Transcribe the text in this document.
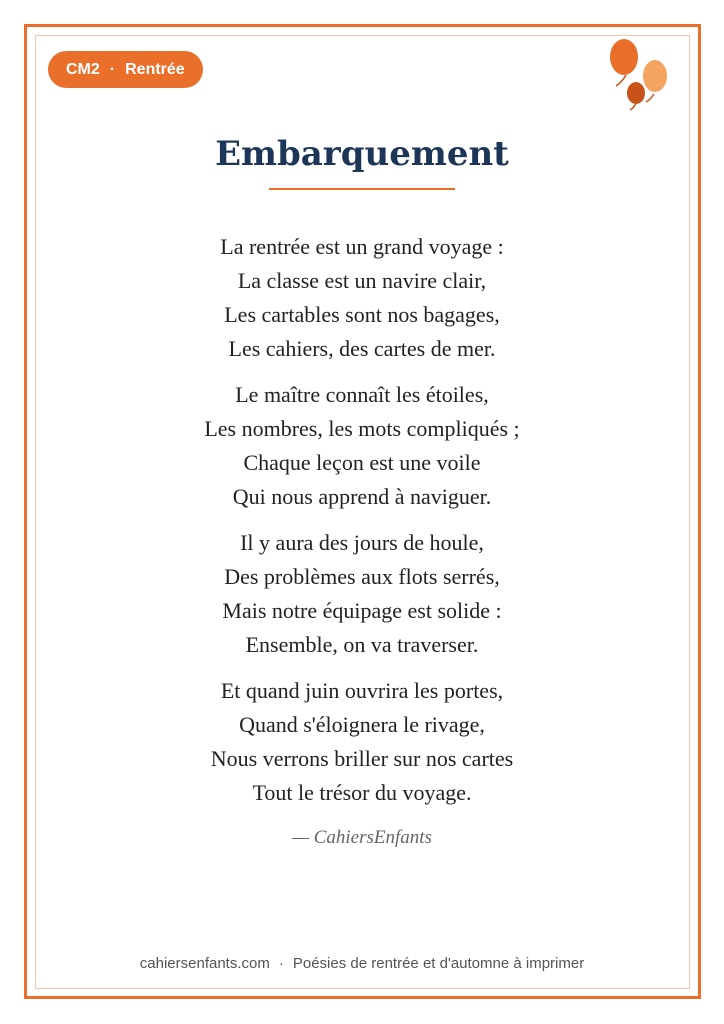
CM2 · Rentrée
Embarquement
La rentrée est un grand voyage :
La classe est un navire clair,
Les cartables sont nos bagages,
Les cahiers, des cartes de mer.
Le maître connaît les étoiles,
Les nombres, les mots compliqués ;
Chaque leçon est une voile
Qui nous apprend à naviguer.
Il y aura des jours de houle,
Des problèmes aux flots serrés,
Mais notre équipage est solide :
Ensemble, on va traverser.
Et quand juin ouvrira les portes,
Quand s'éloignera le rivage,
Nous verrons briller sur nos cartes
Tout le trésor du voyage.
— CahiersEnfants
cahiersenfants.com · Poésies de rentrée et d'automne à imprimer
